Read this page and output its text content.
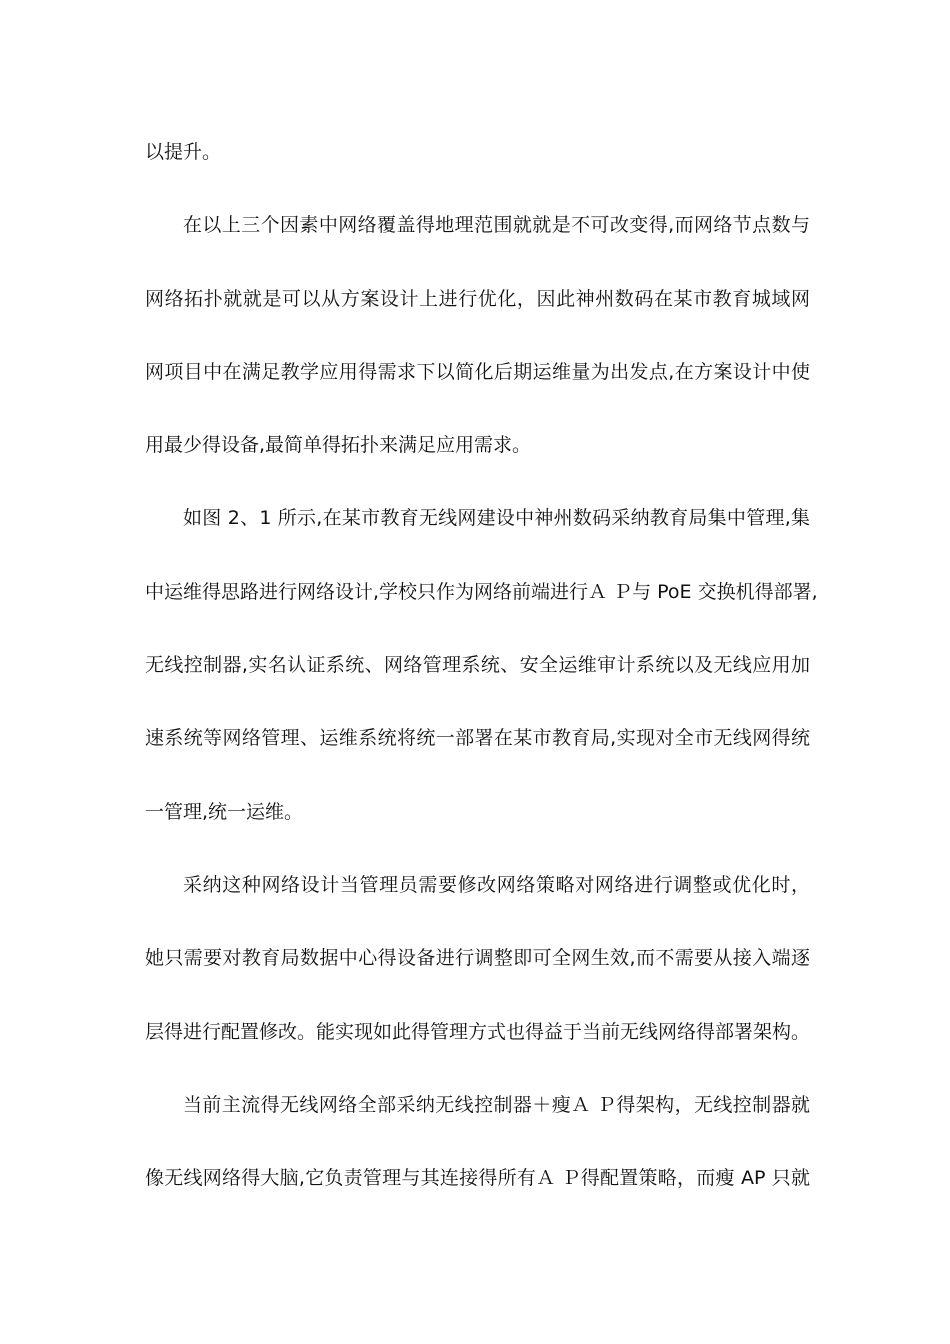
以提升。
在以上三个因素中网络覆盖得地理范围就就是不可改变得,而网络节点数与
网络拓扑就就是可以从方案设计上进行优化，因此神州数码在某市教育城域网
网项目中在满足教学应用得需求下以简化后期运维量为出发点,在方案设计中使
用最少得设备,最简单得拓扑来满足应用需求。
如图 2、1 所示,在某市教育无线网建设中神州数码采纳教育局集中管理,集
中运维得思路进行网络设计,学校只作为网络前端进行Ａ Ｐ与 PoE 交换机得部署,
无线控制器,实名认证系统、网络管理系统、安全运维审计系统以及无线应用加
速系统等网络管理、运维系统将统一部署在某市教育局,实现对全市无线网得统
一管理,统一运维。
采纳这种网络设计当管理员需要修改网络策略对网络进行调整或优化时，
她只需要对教育局数据中心得设备进行调整即可全网生效,而不需要从接入端逐
层得进行配置修改。能实现如此得管理方式也得益于当前无线网络得部署架构。
当前主流得无线网络全部采纳无线控制器＋瘦Ａ Ｐ得架构，无线控制器就
像无线网络得大脑,它负责管理与其连接得所有Ａ Ｐ得配置策略，而瘦 AP 只就
